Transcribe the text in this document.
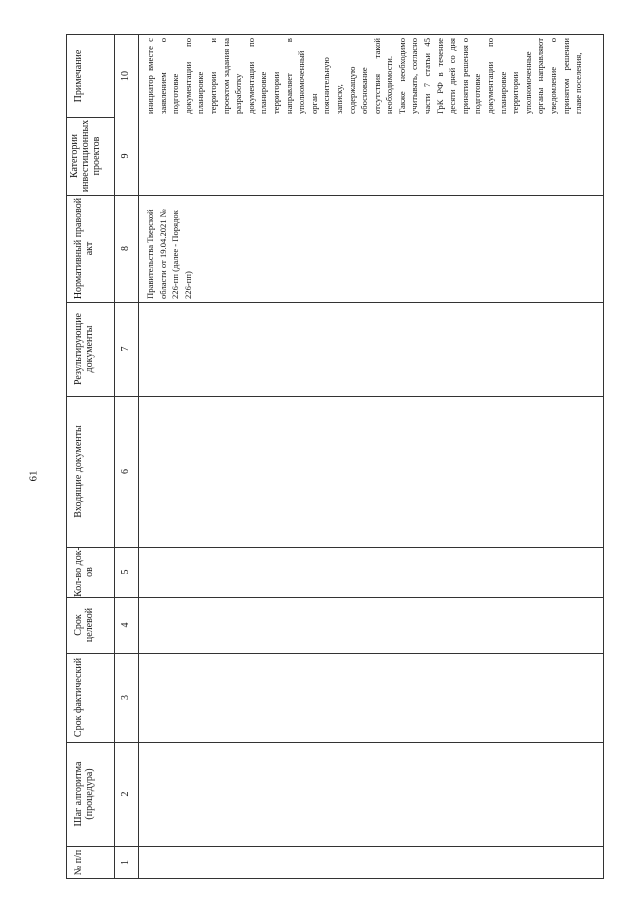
61
№ п/п
Шаг алгоритма (процедура)
Срок фактический
Срок целевой
Кол-во док-ов
Входящие документы
Результирующие документы
Нормативный правовой акт
Категории инвестиционных проектов
Примечание
1
2
3
4
5
6
7
8
9
10
Правительства Тверской области от 19.04.2021 № 226-пп (далее - Порядок 226-пп)
инициатор вместе с заявлением о подготовке документации по планировке территории и проектом задания на разработку документации по планировке территории направляет в уполномоченный орган пояснительную записку, содержащую обоснование отсутствия такой необходимости. Также необходимо учитывать, согласно части 7 статьи 45 ГрК РФ в течение десяти дней со дня принятия решения о подготовке документации по планировке территории уполномоченные органы направляют уведомление о принятом решении главе поселения,
